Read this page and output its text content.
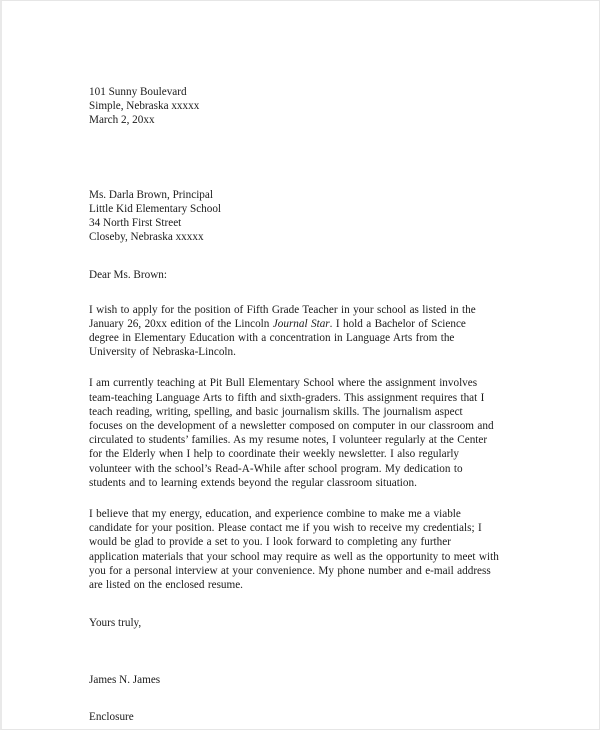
101 Sunny Boulevard
Simple, Nebraska xxxxx
March 2, 20xx
Ms. Darla Brown, Principal
Little Kid Elementary School
34 North First Street
Closeby, Nebraska xxxxx
Dear Ms. Brown:

I wish to apply for the position of Fifth Grade Teacher in your school as listed in the January 26, 20xx edition of the Lincoln Journal Star. I hold a Bachelor of Science degree in Elementary Education with a concentration in Language Arts from the University of Nebraska-Lincoln.

I am currently teaching at Pit Bull Elementary School where the assignment involves team-teaching Language Arts to fifth and sixth-graders. This assignment requires that I teach reading, writing, spelling, and basic journalism skills. The journalism aspect focuses on the development of a newsletter composed on computer in our classroom and circulated to students’ families. As my resume notes, I volunteer regularly at the Center for the Elderly when I help to coordinate their weekly newsletter. I also regularly volunteer with the school’s Read-A-While after school program. My dedication to students and to learning extends beyond the regular classroom situation.

I believe that my energy, education, and experience combine to make me a viable candidate for your position. Please contact me if you wish to receive my credentials; I would be glad to provide a set to you. I look forward to completing any further application materials that your school may require as well as the opportunity to meet with you for a personal interview at your convenience. My phone number and e-mail address are listed on the enclosed resume.

Yours truly,
James N. James
Enclosure
